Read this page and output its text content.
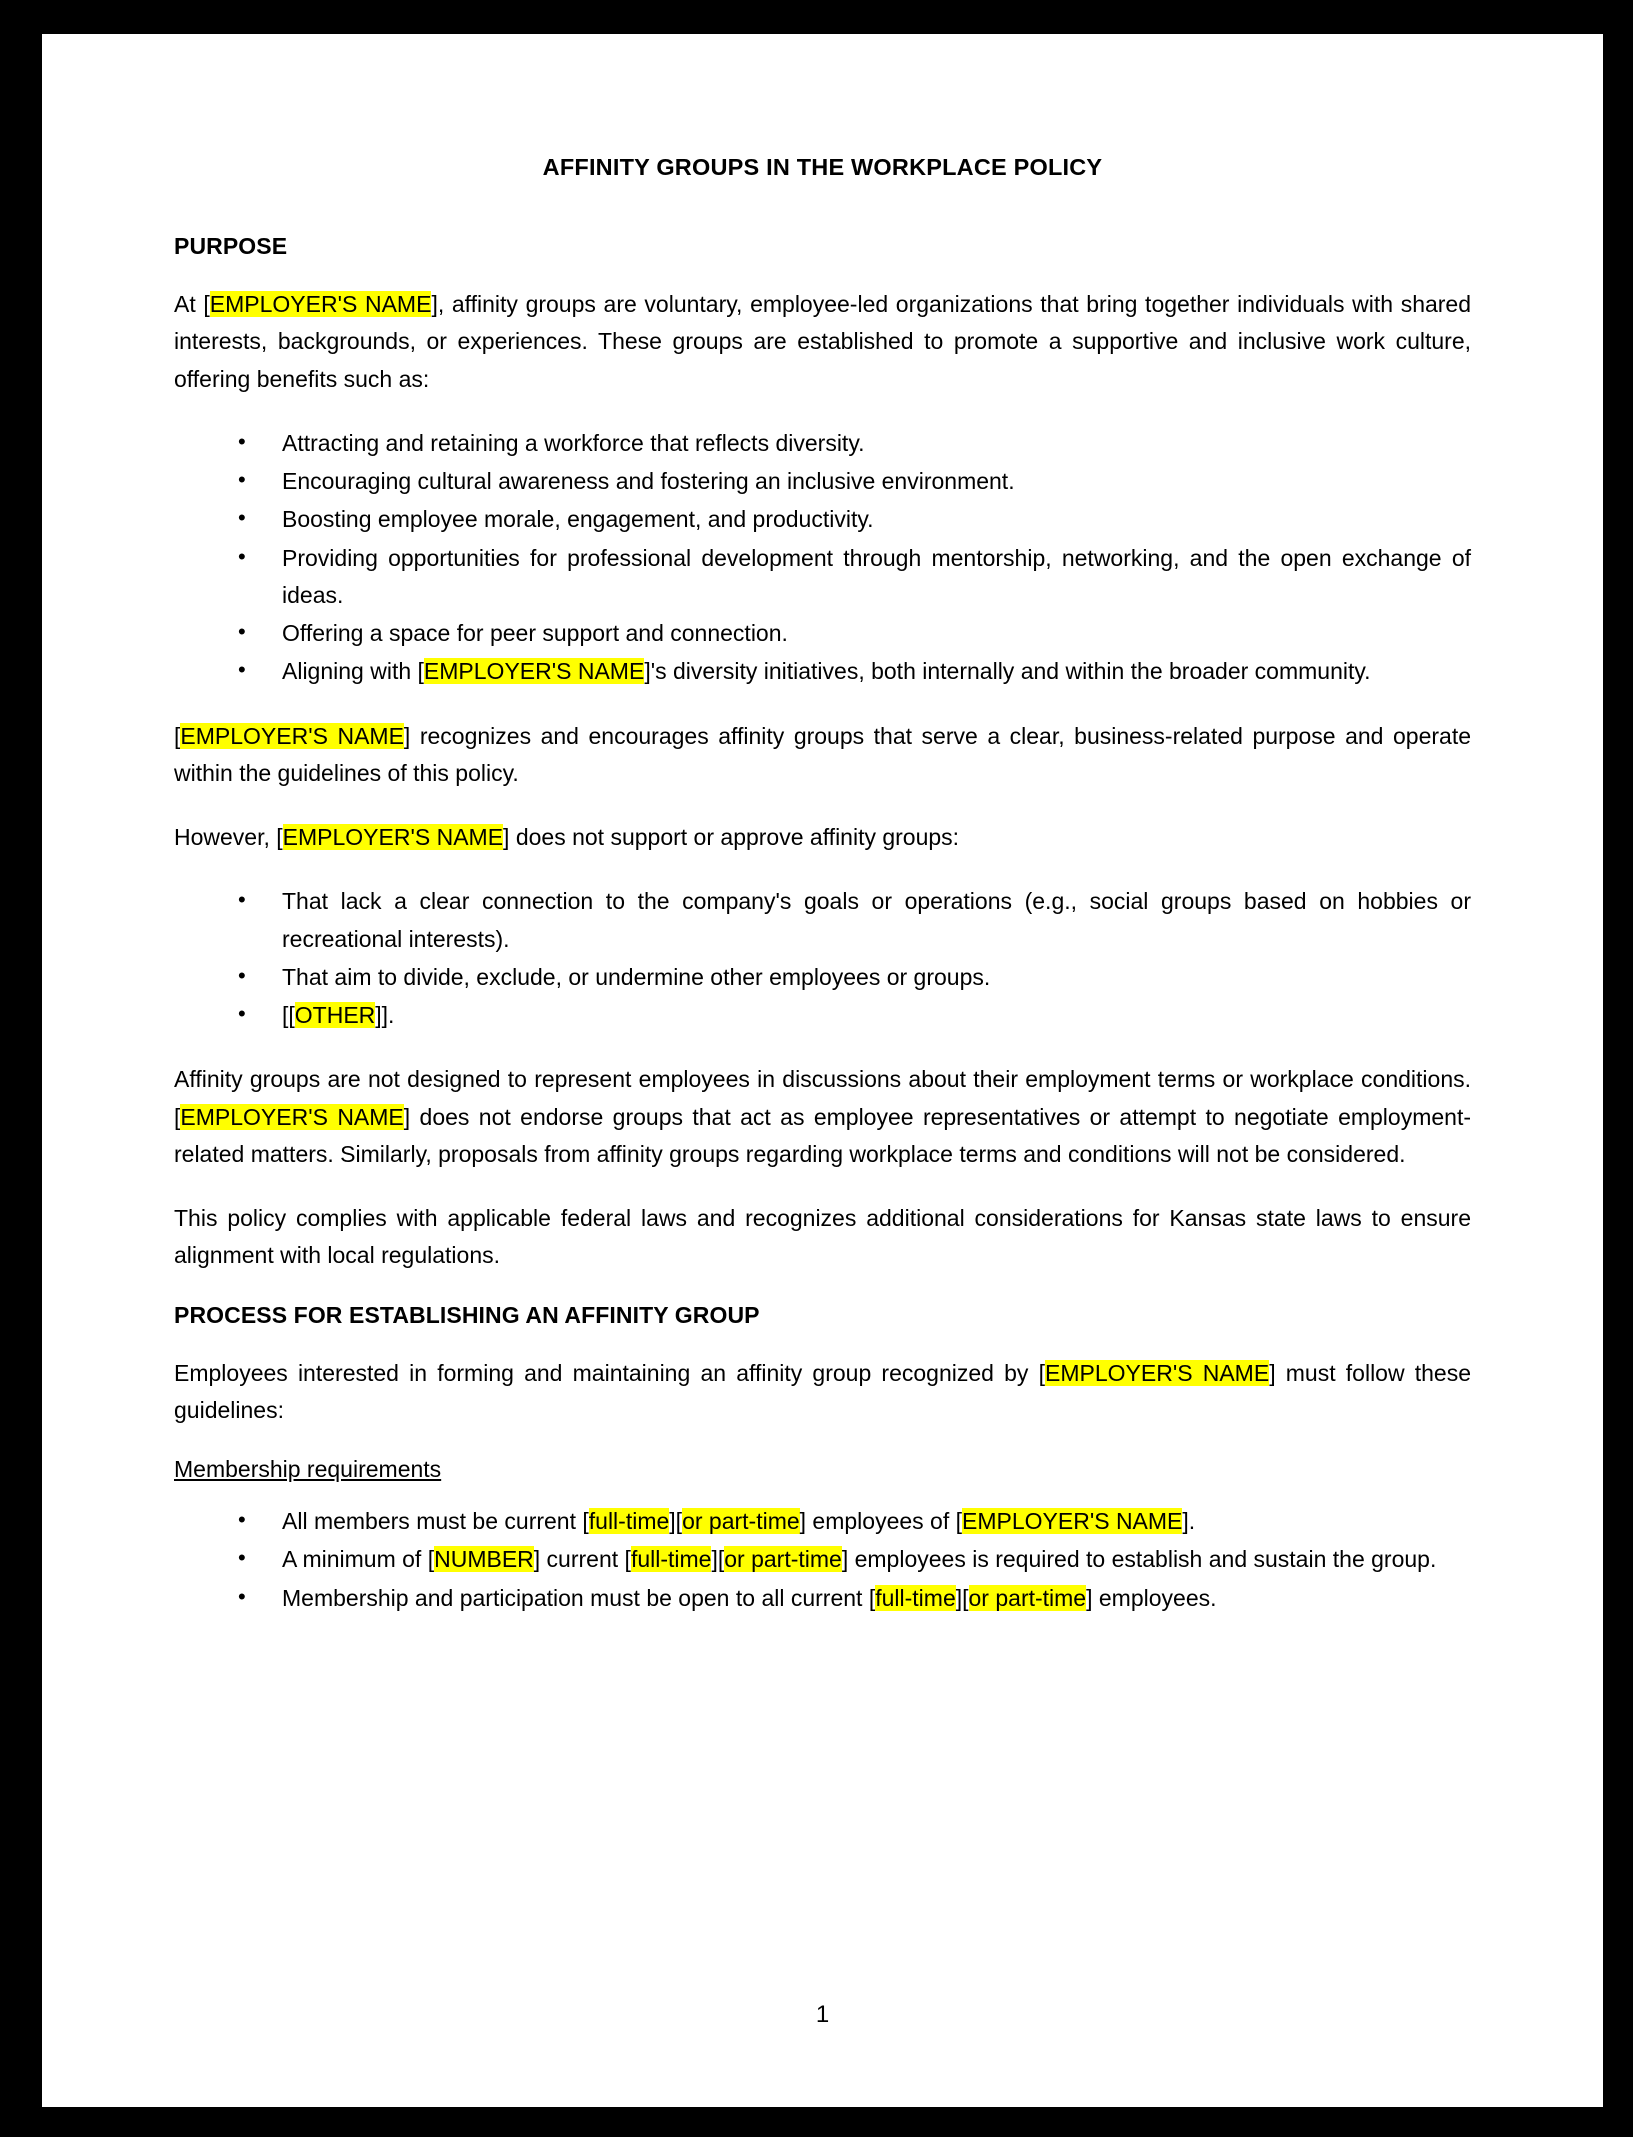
AFFINITY GROUPS IN THE WORKPLACE POLICY
PURPOSE

At [EMPLOYER'S NAME], affinity groups are voluntary, employee-led organizations that bring together individuals with shared interests, backgrounds, or experiences. These groups are established to promote a supportive and inclusive work culture, offering benefits such as:

• Attracting and retaining a workforce that reflects diversity.
• Encouraging cultural awareness and fostering an inclusive environment.
• Boosting employee morale, engagement, and productivity.
• Providing opportunities for professional development through mentorship, networking, and the open exchange of ideas.
• Offering a space for peer support and connection.
• Aligning with [EMPLOYER'S NAME]'s diversity initiatives, both internally and within the broader community.

[EMPLOYER'S NAME] recognizes and encourages affinity groups that serve a clear, business-related purpose and operate within the guidelines of this policy.

However, [EMPLOYER'S NAME] does not support or approve affinity groups:

• That lack a clear connection to the company's goals or operations (e.g., social groups based on hobbies or recreational interests).
• That aim to divide, exclude, or undermine other employees or groups.
• [[OTHER]].

Affinity groups are not designed to represent employees in discussions about their employment terms or workplace conditions. [EMPLOYER'S NAME] does not endorse groups that act as employee representatives or attempt to negotiate employment-related matters. Similarly, proposals from affinity groups regarding workplace terms and conditions will not be considered.

This policy complies with applicable federal laws and recognizes additional considerations for Kansas state laws to ensure alignment with local regulations.

PROCESS FOR ESTABLISHING AN AFFINITY GROUP

Employees interested in forming and maintaining an affinity group recognized by [EMPLOYER'S NAME] must follow these guidelines:

Membership requirements

• All members must be current [full-time][or part-time] employees of [EMPLOYER'S NAME].
• A minimum of [NUMBER] current [full-time][or part-time] employees is required to establish and sustain the group.
• Membership and participation must be open to all current [full-time][or part-time] employees.
1
